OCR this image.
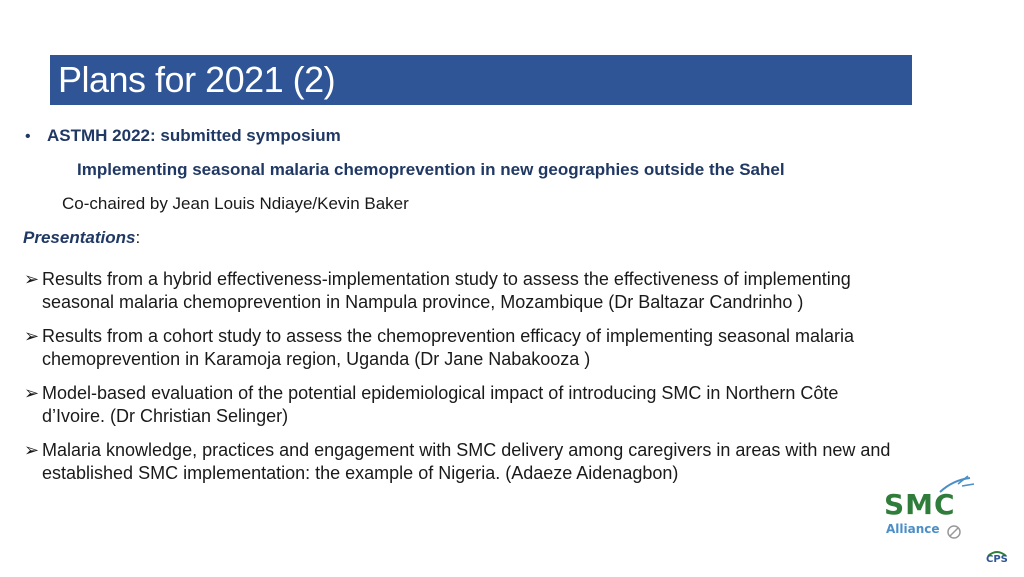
Plans for 2021 (2)
• ASTMH 2022: submitted symposium
Implementing seasonal malaria chemoprevention in new geographies outside the Sahel
Co-chaired by Jean Louis Ndiaye/Kevin Baker
Presentations:
➢ Results from a hybrid effectiveness-implementation study to assess the effectiveness of implementing seasonal malaria chemoprevention in Nampula province, Mozambique (Dr Baltazar Candrinho )
➢ Results from a cohort study to assess the chemoprevention efficacy of implementing seasonal malaria chemoprevention in Karamoja region, Uganda (Dr Jane Nabakooza )
➢ Model-based evaluation of the potential epidemiological impact of introducing SMC in Northern Côte d’Ivoire. (Dr Christian Selinger)
➢ Malaria knowledge, practices and engagement with SMC delivery among caregivers in areas with new and established SMC implementation: the example of Nigeria. (Adaeze Aidenagbon)
SMC
Alliance
CPS
